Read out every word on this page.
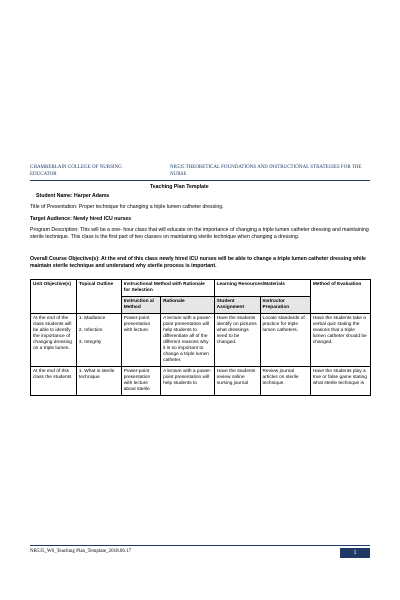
CHAMBERLAIN COLLEGE OF NURSING EDUCATOR
NR535 THEORETICAL FOUNDATIONS AND INSTRUCTIONAL STRATEGIES FOR THE NURSE
Teaching Plan Template
Student Name: Harper Adams
Title of Presentation: Proper technique for changing a triple lumen catheter dressing.
Target Audience: Newly hired ICU nurses
Program Description: This will be a one- hour class that will educate on the importance of changing a triple lumen catheter dressing and maintaining sterile technique. This class is the first part of two classes on maintaining sterile technique when changing a dressing.
Overall Course Objective(s): At the end of this class newly hired ICU nurses will be able to change a triple lumen catheter dressing while maintain sterile technique and understand why sterile process is important.
Unit Objective(s)	Topical Outline	Instructional Method with Rationale for Selection		Learning Resources/Materials		Method of Evaluation
		Instruction al Method	Rationale	Student Assignment	Instructor Preparation	
At the end of the class students will be able to identify the importance of changing dressing on a triple lumen.	1. Madtance
2. Infection
3. Integrity	Power-point presentation with lecture.	A lecture with a power-point presentation will help students to differentiate all of the different reasons why it is so important to change a triple lumen catheter.	Have the students identify on pictures what dressings need to be changed.	Locate standards of practice for triple lumen catheters.	Have the students take a verbal quiz stating the reasons that a triple lumen catheter should be changed.
At the end of this class the students	1. What is sterile technique	Power-point presentation with lecture about sterile	A lecture with a power-point presentation will help students to	Have the students review online nursing journal	Review journal articles on sterile technique.	Have the students play a true or false game stating what sterile technique is
NR535_W6_Teaching Plan_Template_2018.06.17	1
